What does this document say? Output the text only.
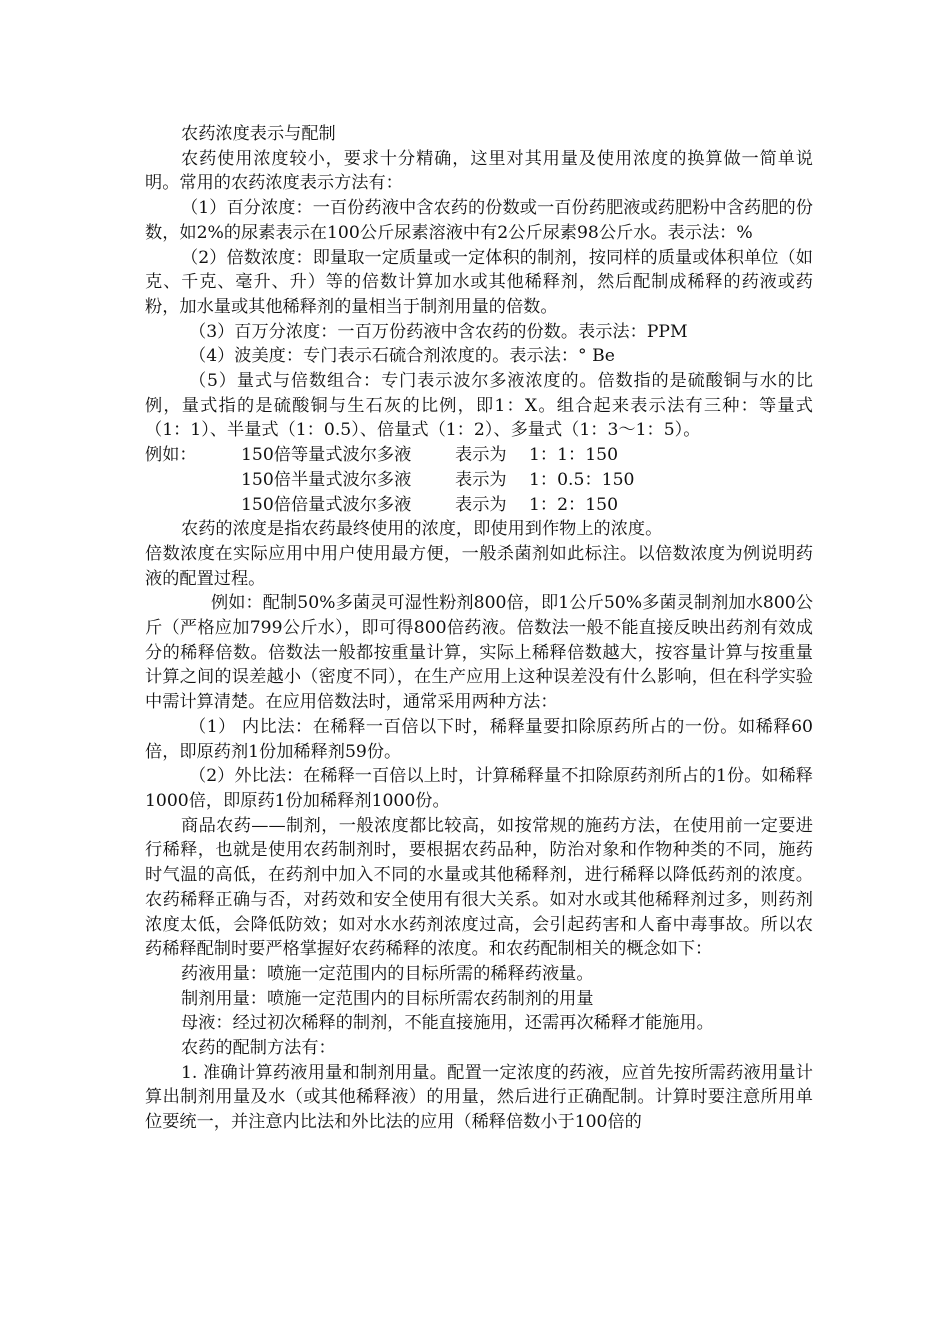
农药浓度表示与配制

农药使用浓度较小，要求十分精确，这里对其用量及使用浓度的换算做一简单说明。常用的农药浓度表示方法有：

（1）百分浓度：一百份药液中含农药的份数或一百份药肥液或药肥粉中含药肥的份数，如2%的尿素表示在100公斤尿素溶液中有2公斤尿素98公斤水。表示法：%

（2）倍数浓度：即量取一定质量或一定体积的制剂，按同样的质量或体积单位（如克、千克、毫升、升）等的倍数计算加水或其他稀释剂，然后配制成稀释的药液或药粉，加水量或其他稀释剂的量相当于制剂用量的倍数。

（3）百万分浓度：一百万份药液中含农药的份数。表示法：PPM

（4）波美度：专门表示石硫合剂浓度的。表示法：° Be

（5）量式与倍数组合：专门表示波尔多液浓度的。倍数指的是硫酸铜与水的比例，量式指的是硫酸铜与生石灰的比例，即1：X。组合起来表示法有三种：等量式（1：1）、半量式（1：0.5）、倍量式（1：2）、多量式（1：3～1：5）。

例如：	150倍等量式波尔多液	表示为	1：1：150
150倍半量式波尔多液	表示为	1：0.5：150
150倍倍量式波尔多液	表示为	1：2：150

农药的浓度是指农药最终使用的浓度，即使用到作物上的浓度。

倍数浓度在实际应用中用户使用最方便，一般杀菌剂如此标注。以倍数浓度为例说明药液的配置过程。

例如：配制50%多菌灵可湿性粉剂800倍，即1公斤50%多菌灵制剂加水800公斤（严格应加799公斤水），即可得800倍药液。倍数法一般不能直接反映出药剂有效成分的稀释倍数。倍数法一般都按重量计算，实际上稀释倍数越大，按容量计算与按重量计算之间的误差越小（密度不同），在生产应用上这种误差没有什么影响，但在科学实验中需计算清楚。在应用倍数法时，通常采用两种方法：

（1） 内比法：在稀释一百倍以下时，稀释量要扣除原药所占的一份。如稀释60倍，即原药剂1份加稀释剂59份。

（2）外比法：在稀释一百倍以上时，计算稀释量不扣除原药剂所占的1份。如稀释1000倍，即原药1份加稀释剂1000份。

商品农药——制剂，一般浓度都比较高，如按常规的施药方法，在使用前一定要进行稀释，也就是使用农药制剂时，要根据农药品种，防治对象和作物种类的不同，施药时气温的高低，在药剂中加入不同的水量或其他稀释剂，进行稀释以降低药剂的浓度。农药稀释正确与否，对药效和安全使用有很大关系。如对水或其他稀释剂过多，则药剂浓度太低，会降低防效；如对水水药剂浓度过高，会引起药害和人畜中毒事故。所以农药稀释配制时要严格掌握好农药稀释的浓度。和农药配制相关的概念如下：

药液用量：喷施一定范围内的目标所需的稀释药液量。

制剂用量：喷施一定范围内的目标所需农药制剂的用量

母液：经过初次稀释的制剂，不能直接施用，还需再次稀释才能施用。

农药的配制方法有：

1. 准确计算药液用量和制剂用量。配置一定浓度的药液，应首先按所需药液用量计算出制剂用量及水（或其他稀释液）的用量，然后进行正确配制。计算时要注意所用单位要统一，并注意内比法和外比法的应用（稀释倍数小于100倍的
